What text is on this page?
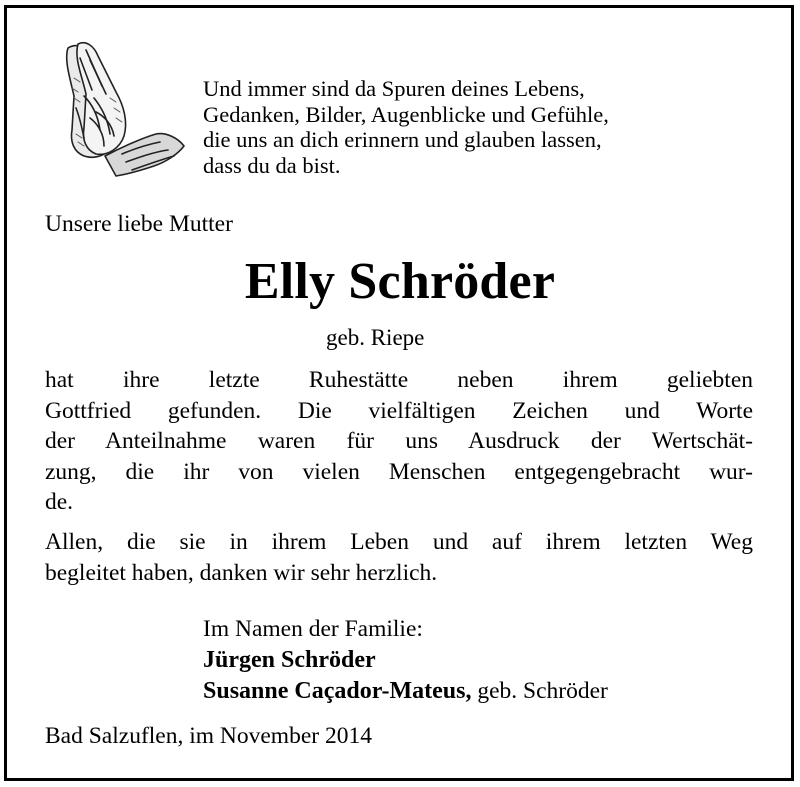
Und immer sind da Spuren deines Lebens,
Gedanken, Bilder, Augenblicke und Gefühle,
die uns an dich erinnern und glauben lassen,
dass du da bist.
Unsere liebe Mutter
Elly Schröder
geb. Riepe
hat ihre letzte Ruhestätte neben ihrem geliebten
Gottfried gefunden. Die vielfältigen Zeichen und Worte
der Anteilnahme waren für uns Ausdruck der Wertschät-
zung, die ihr von vielen Menschen entgegengebracht wur-
de.
Allen, die sie in ihrem Leben und auf ihrem letzten Weg
begleitet haben, danken wir sehr herzlich.
Im Namen der Familie:
Jürgen Schröder
Susanne Caçador-Mateus, geb. Schröder
Bad Salzuflen, im November 2014
